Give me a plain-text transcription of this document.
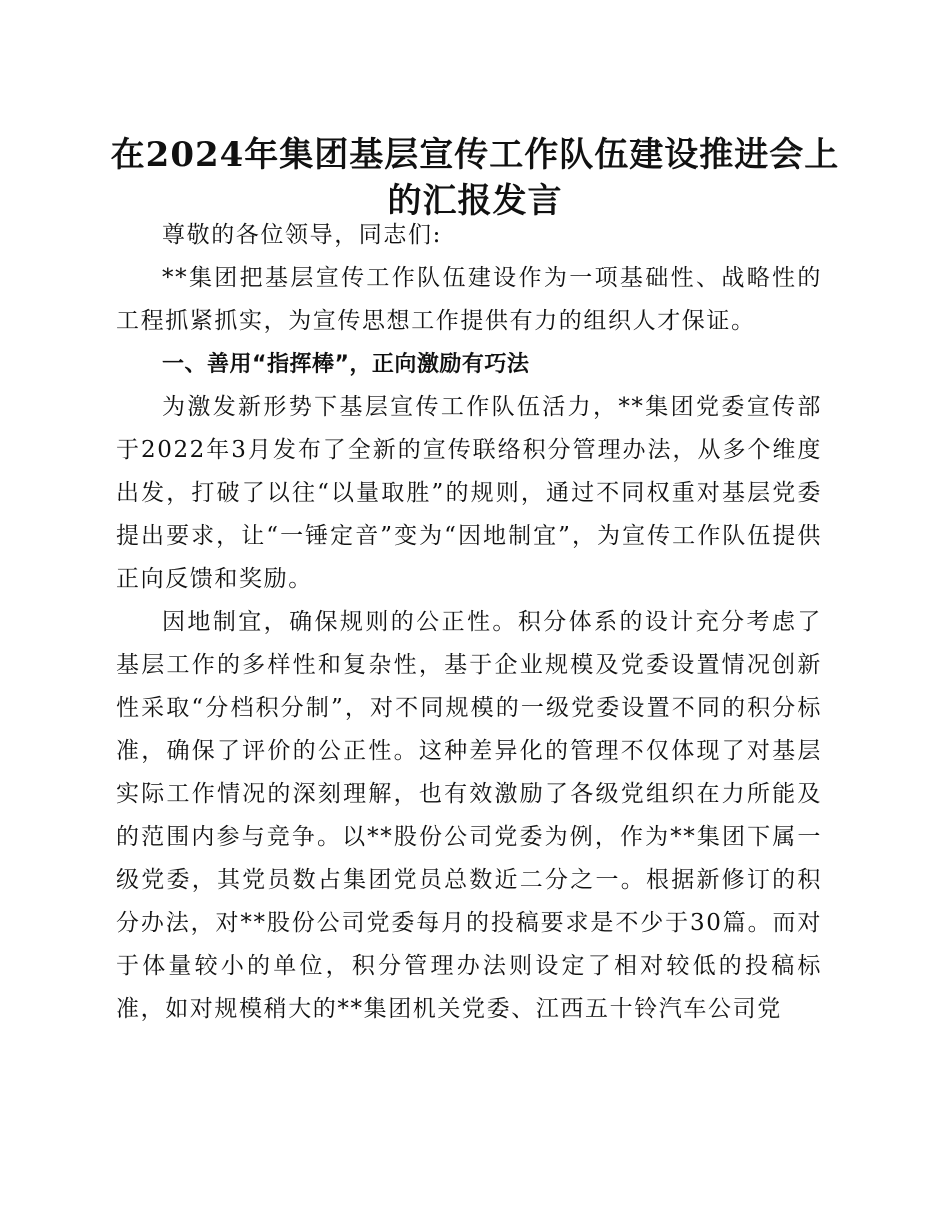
在2024年集团基层宣传工作队伍建设推进会上
的汇报发言

尊敬的各位领导，同志们:

**集团把基层宣传工作队伍建设作为一项基础性、战略性的工程抓紧抓实，为宣传思想工作提供有力的组织人才保证。

一、善用“指挥棒”，正向激励有巧法

为激发新形势下基层宣传工作队伍活力，**集团党委宣传部于2022年3月发布了全新的宣传联络积分管理办法，从多个维度出发，打破了以往“以量取胜”的规则，通过不同权重对基层党委提出要求，让“一锤定音”变为“因地制宜”，为宣传工作队伍提供正向反馈和奖励。

因地制宜，确保规则的公正性。积分体系的设计充分考虑了基层工作的多样性和复杂性，基于企业规模及党委设置情况创新性采取“分档积分制”，对不同规模的一级党委设置不同的积分标准，确保了评价的公正性。这种差异化的管理不仅体现了对基层实际工作情况的深刻理解，也有效激励了各级党组织在力所能及的范围内参与竞争。以**股份公司党委为例，作为**集团下属一级党委，其党员数占集团党员总数近二分之一。根据新修订的积分办法，对**股份公司党委每月的投稿要求是不少于30篇。而对于体量较小的单位，积分管理办法则设定了相对较低的投稿标准，如对规模稍大的**集团机关党委、江西五十铃汽车公司党
